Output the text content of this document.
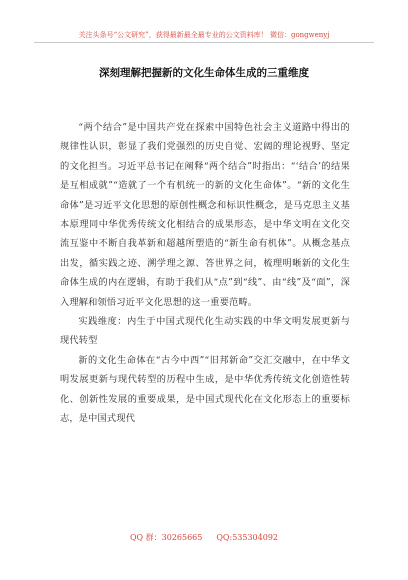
关注头条号“公文研究”，获得最新最全最专业的公文资料库！ 微信：gongwenyj
深刻理解把握新的文化生命体生成的三重维度

“两个结合”是中国共产党在探索中国特色社会主义道路中得出的规律性认识，彰显了我们党强烈的历史自觉、宏阔的理论视野、坚定的文化担当。习近平总书记在阐释“两个结合”时指出：“‘结合’的结果是互相成就”“造就了一个有机统一的新的文化生命体”。“新的文化生命体”是习近平文化思想的原创性概念和标识性概念，是马克思主义基本原理同中华优秀传统文化相结合的成果形态，是中华文明在文化交流互鉴中不断自我革新和超越所塑造的“新生命有机体”。从概念基点出发，循实践之迹、溯学理之源、答世界之问，梳理明晰新的文化生命体生成的内在逻辑，有助于我们从“点”到“线”、由“线”及“面”，深入理解和领悟习近平文化思想的这一重要范畴。

实践维度：内生于中国式现代化生动实践的中华文明发展更新与现代转型

新的文化生命体在“古今中西”“旧邦新命”交汇交融中，在中华文明发展更新与现代转型的历程中生成，是中华优秀传统文化创造性转化、创新性发展的重要成果，是中国式现代化在文化形态上的重要标志，是中国式现代

QQ 群：30265665 QQ:535304092
